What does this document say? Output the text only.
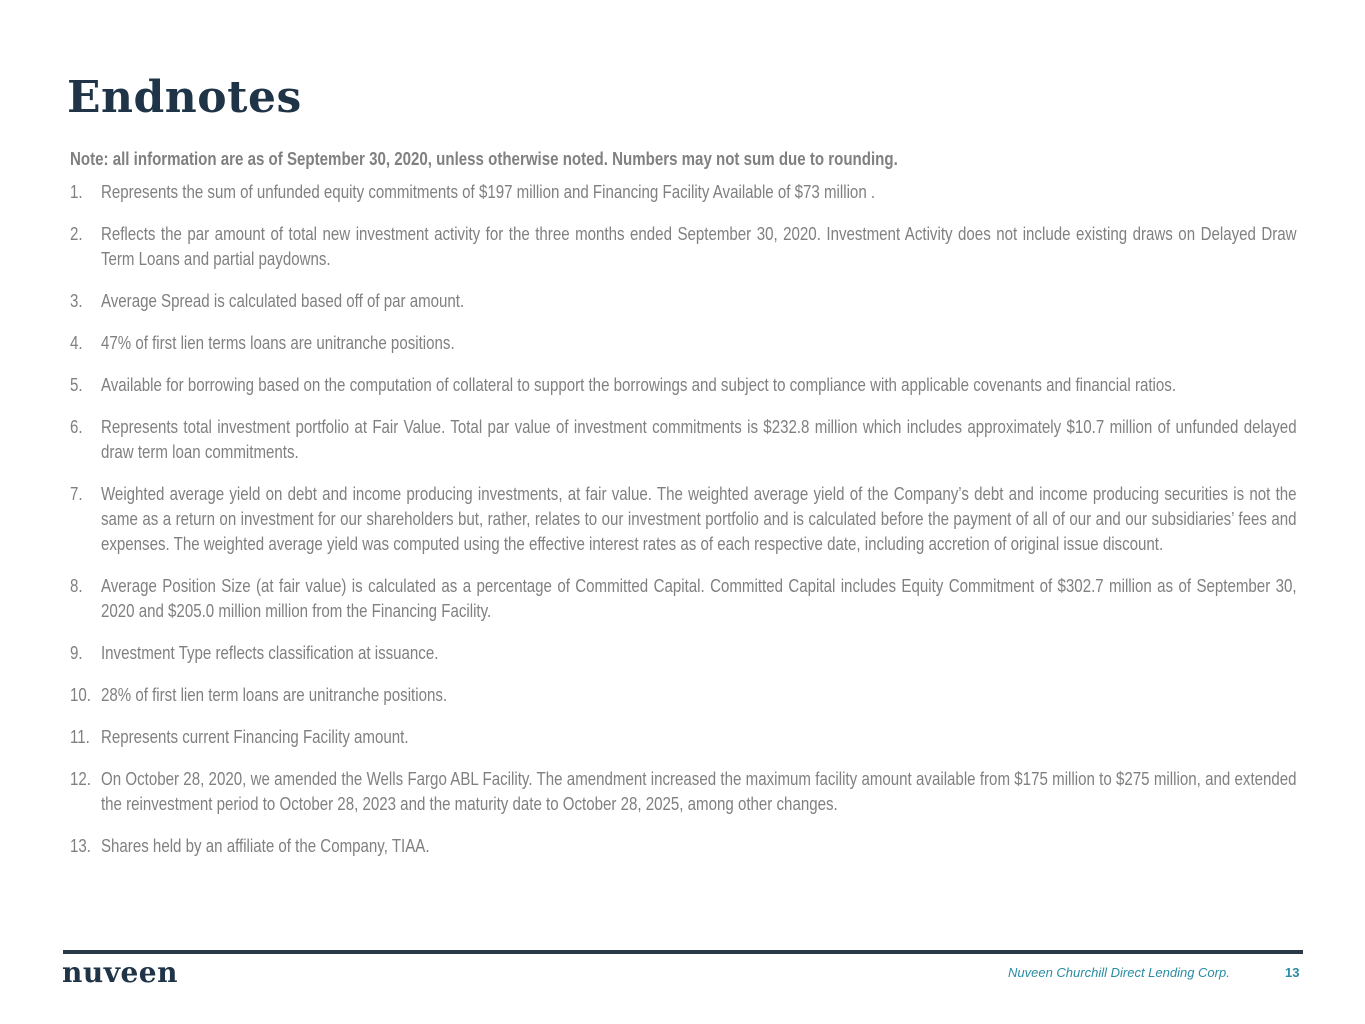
Endnotes

Note: all information are as of September 30, 2020, unless otherwise noted. Numbers may not sum due to rounding.

1. Represents the sum of unfunded equity commitments of $197 million and Financing Facility Available of $73 million .
2. Reflects the par amount of total new investment activity for the three months ended September 30, 2020. Investment Activity does not include existing draws on Delayed Draw Term Loans and partial paydowns.
3. Average Spread is calculated based off of par amount.
4. 47% of first lien terms loans are unitranche positions.
5. Available for borrowing based on the computation of collateral to support the borrowings and subject to compliance with applicable covenants and financial ratios.
6. Represents total investment portfolio at Fair Value. Total par value of investment commitments is $232.8 million which includes approximately $10.7 million of unfunded delayed draw term loan commitments.
7. Weighted average yield on debt and income producing investments, at fair value. The weighted average yield of the Company’s debt and income producing securities is not the same as a return on investment for our shareholders but, rather, relates to our investment portfolio and is calculated before the payment of all of our and our subsidiaries’ fees and expenses. The weighted average yield was computed using the effective interest rates as of each respective date, including accretion of original issue discount.
8. Average Position Size (at fair value) is calculated as a percentage of Committed Capital. Committed Capital includes Equity Commitment of $302.7 million as of September 30, 2020 and $205.0 million million from the Financing Facility.
9. Investment Type reflects classification at issuance.
10. 28% of first lien term loans are unitranche positions.
11. Represents current Financing Facility amount.
12. On October 28, 2020, we amended the Wells Fargo ABL Facility. The amendment increased the maximum facility amount available from $175 million to $275 million, and extended the reinvestment period to October 28, 2023 and the maturity date to October 28, 2025, among other changes.
13. Shares held by an affiliate of the Company, TIAA.
nuveen	Nuveen Churchill Direct Lending Corp.	13
